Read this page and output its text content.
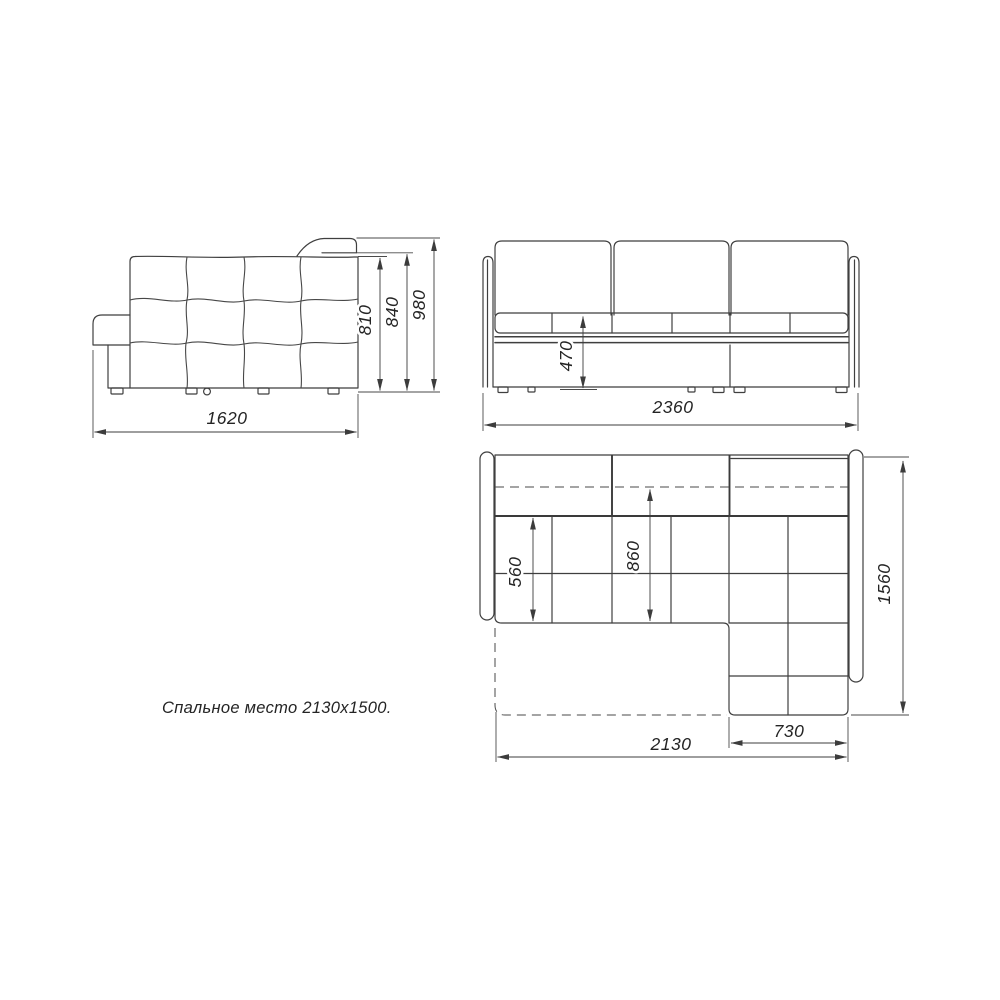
810 840 980
1620
470
2360
560
860
1560
730
2130
Спальное место 2130x1500.
